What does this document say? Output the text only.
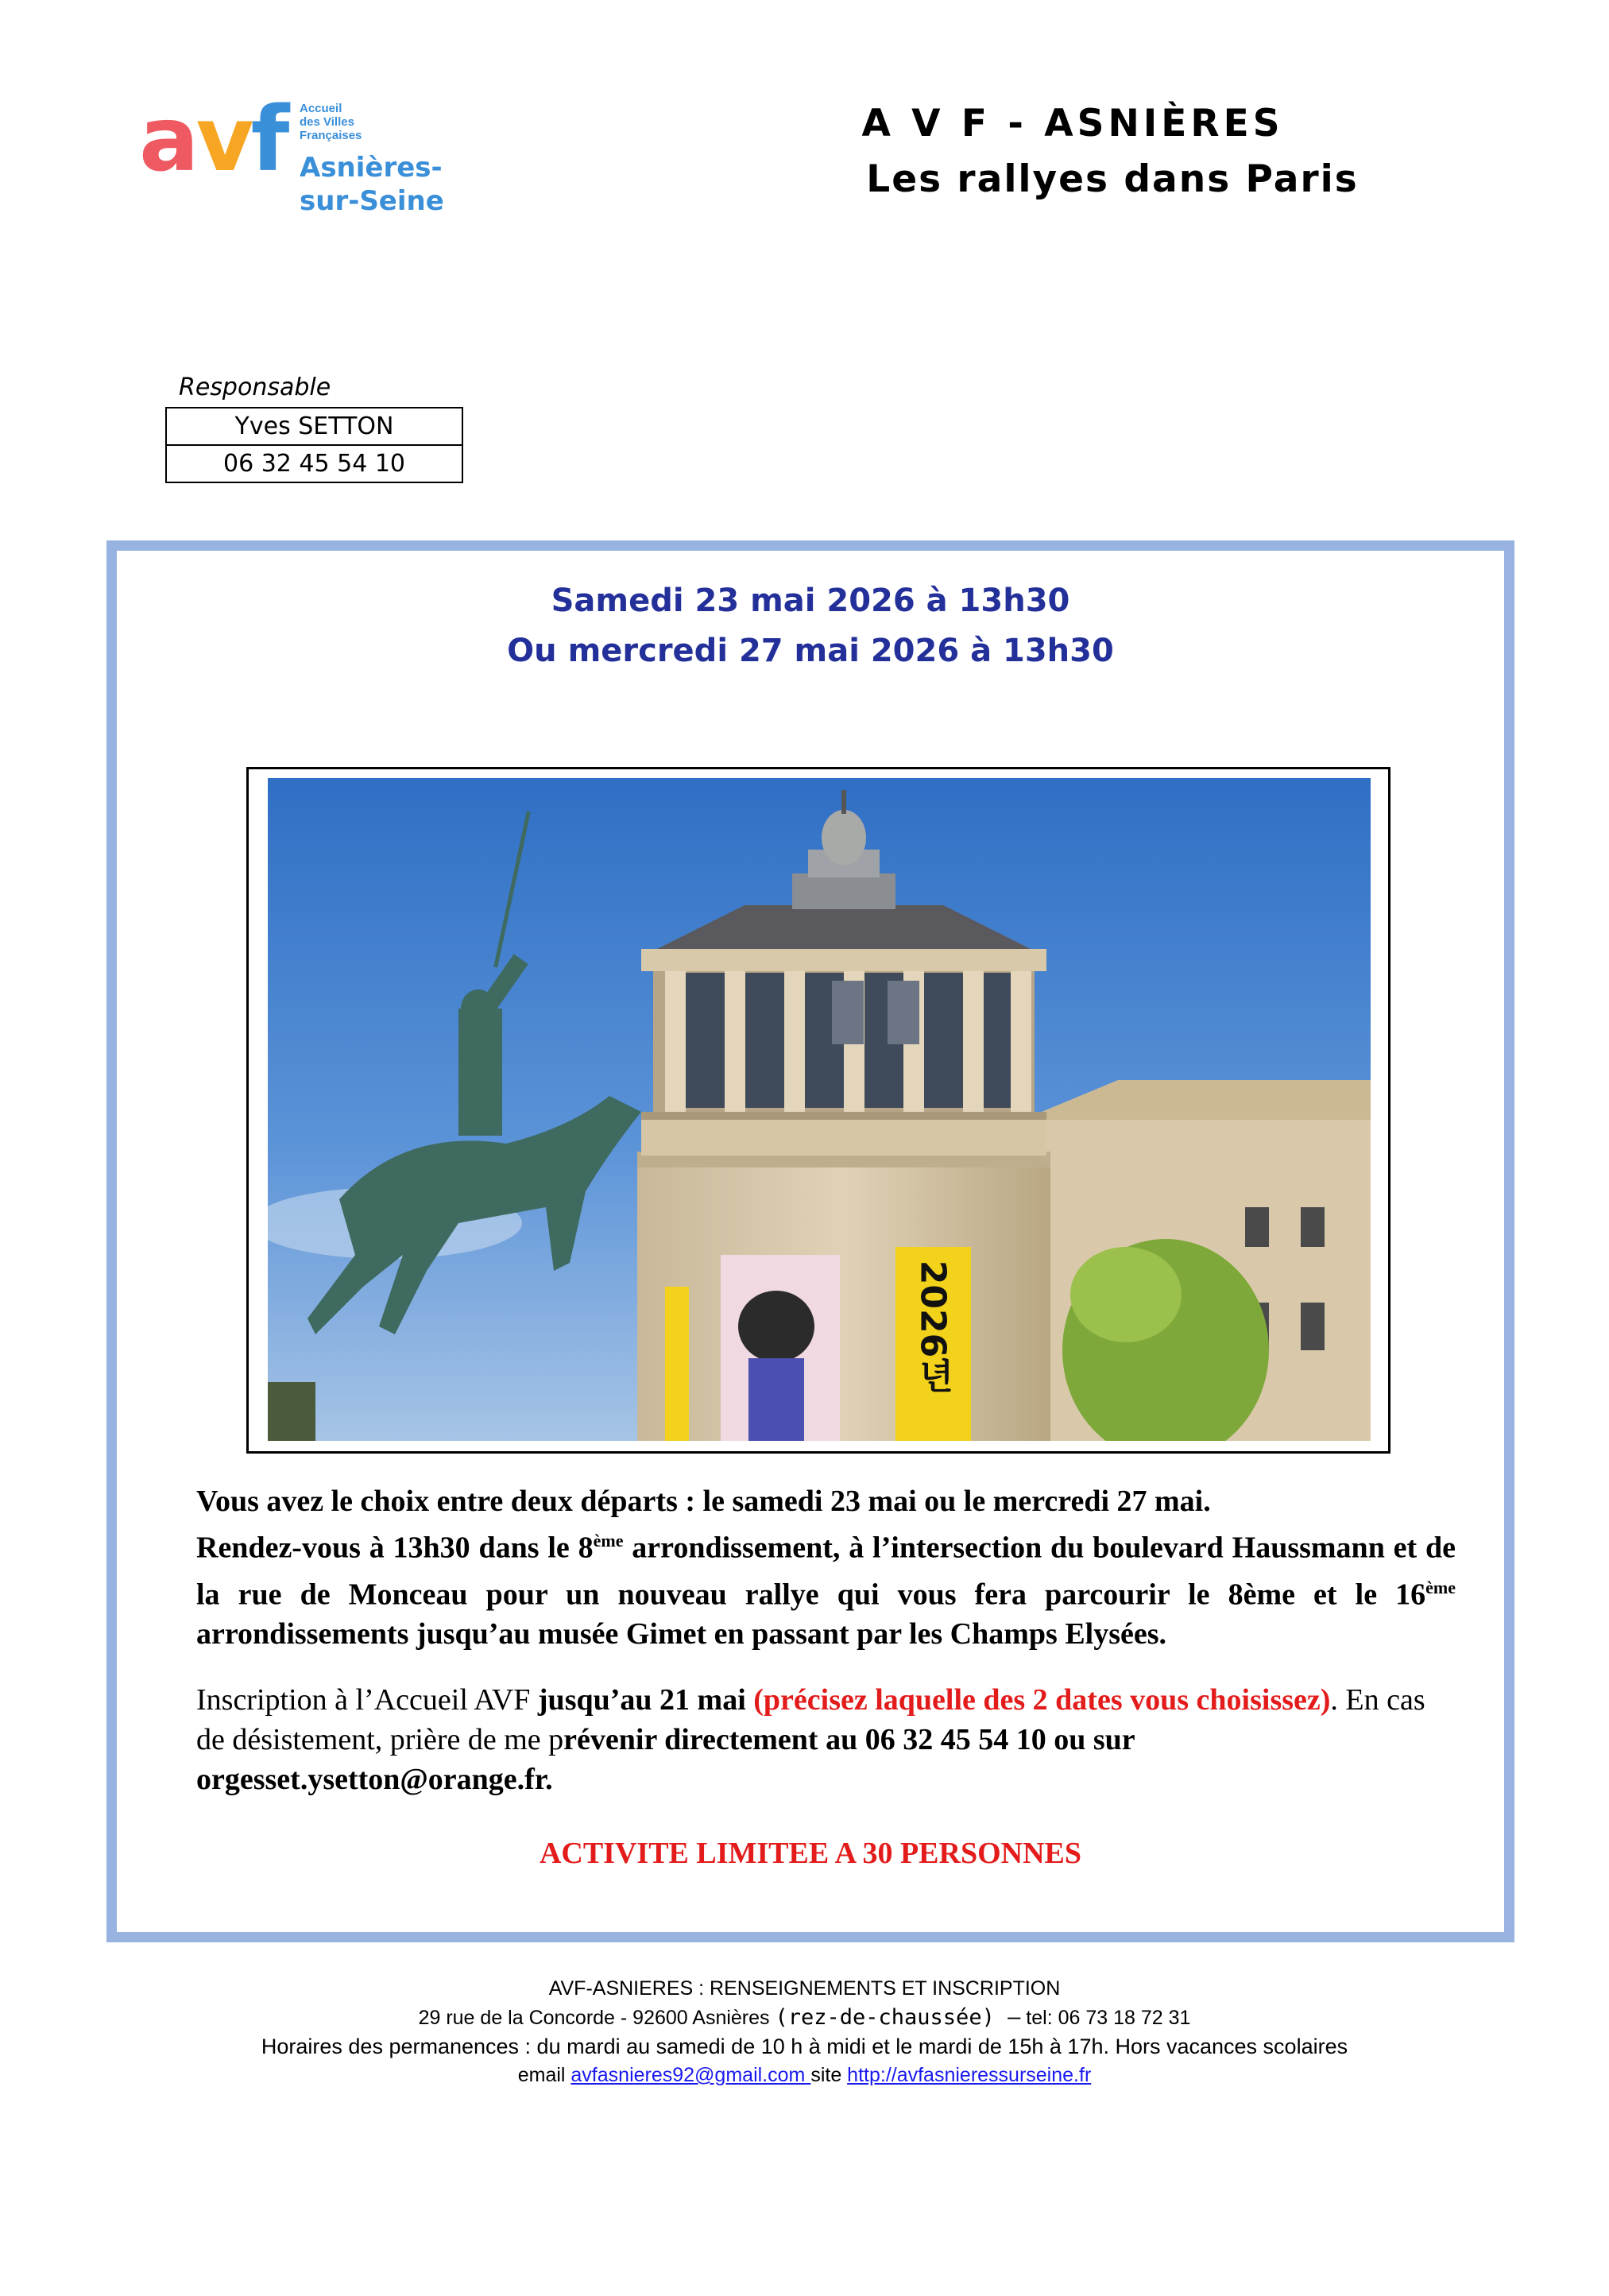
avf Accueil
des Villes
Françaises
Asnières-
sur-Seine
A V F - ASNIÈRES
Les rallyes dans Paris
Responsable
Yves SETTON
06 32 45 54 10
Samedi 23 mai 2026 à 13h30
Ou mercredi 27 mai 2026 à 13h30
2026년
Vous avez le choix entre deux départs : le samedi 23 mai ou le mercredi 27 mai.
Rendez-vous à 13h30 dans le 8ème arrondissement, à l’intersection du boulevard Haussmann et de la rue de Monceau pour un nouveau rallye qui vous fera parcourir le 8ème et le 16ème arrondissements jusqu’au musée Gimet en passant par les Champs Elysées.
Inscription à l’Accueil AVF jusqu’au 21 mai (précisez laquelle des 2 dates vous choisissez). En cas de désistement, prière de me prévenir directement au 06 32 45 54 10 ou sur orgesset.ysetton@orange.fr.
ACTIVITE LIMITEE A 30 PERSONNES
AVF-ASNIERES : RENSEIGNEMENTS ET INSCRIPTION
29 rue de la Concorde - 92600 Asnières (rez-de-chaussée) – tel: 06 73 18 72 31
Horaires des permanences : du mardi au samedi de 10 h à midi et le mardi de 15h à 17h. Hors vacances scolaires
email avfasnieres92@gmail.com site http://avfasnieressurseine.fr
